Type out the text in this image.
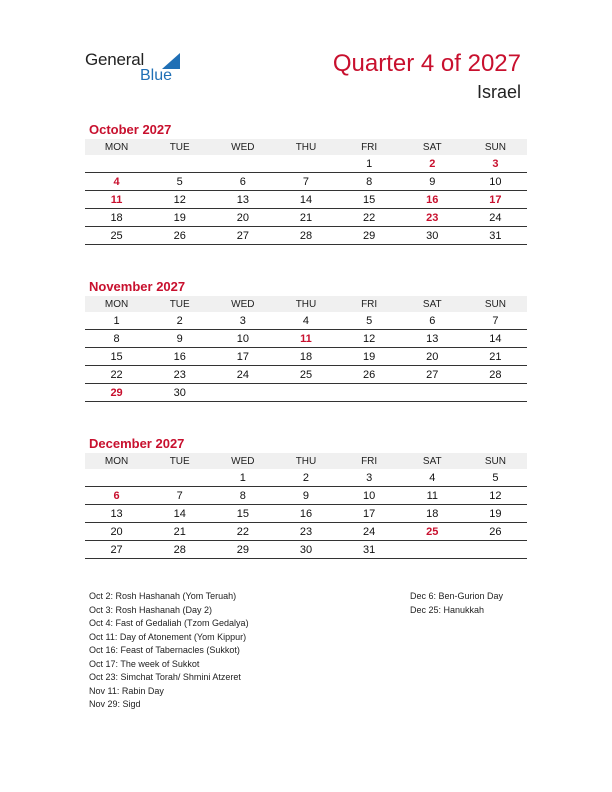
General
Blue	Quarter 4 of 2027
Israel
October 2027
MON	TUE	WED	THU	FRI	SAT	SUN
				1	2	3
4	5	6	7	8	9	10
11	12	13	14	15	16	17
18	19	20	21	22	23	24
25	26	27	28	29	30	31
November 2027
MON	TUE	WED	THU	FRI	SAT	SUN
1	2	3	4	5	6	7
8	9	10	11	12	13	14
15	16	17	18	19	20	21
22	23	24	25	26	27	28
29	30					
December 2027
MON	TUE	WED	THU	FRI	SAT	SUN
		1	2	3	4	5
6	7	8	9	10	11	12
13	14	15	16	17	18	19
20	21	22	23	24	25	26
27	28	29	30	31		
Oct 2: Rosh Hashanah (Yom Teruah)
Oct 3: Rosh Hashanah (Day 2)
Oct 4: Fast of Gedaliah (Tzom Gedalya)
Oct 11: Day of Atonement (Yom Kippur)
Oct 16: Feast of Tabernacles (Sukkot)
Oct 17: The week of Sukkot
Oct 23: Simchat Torah/ Shmini Atzeret
Nov 11: Rabin Day
Nov 29: Sigd
Dec 6: Ben-Gurion Day
Dec 25: Hanukkah
